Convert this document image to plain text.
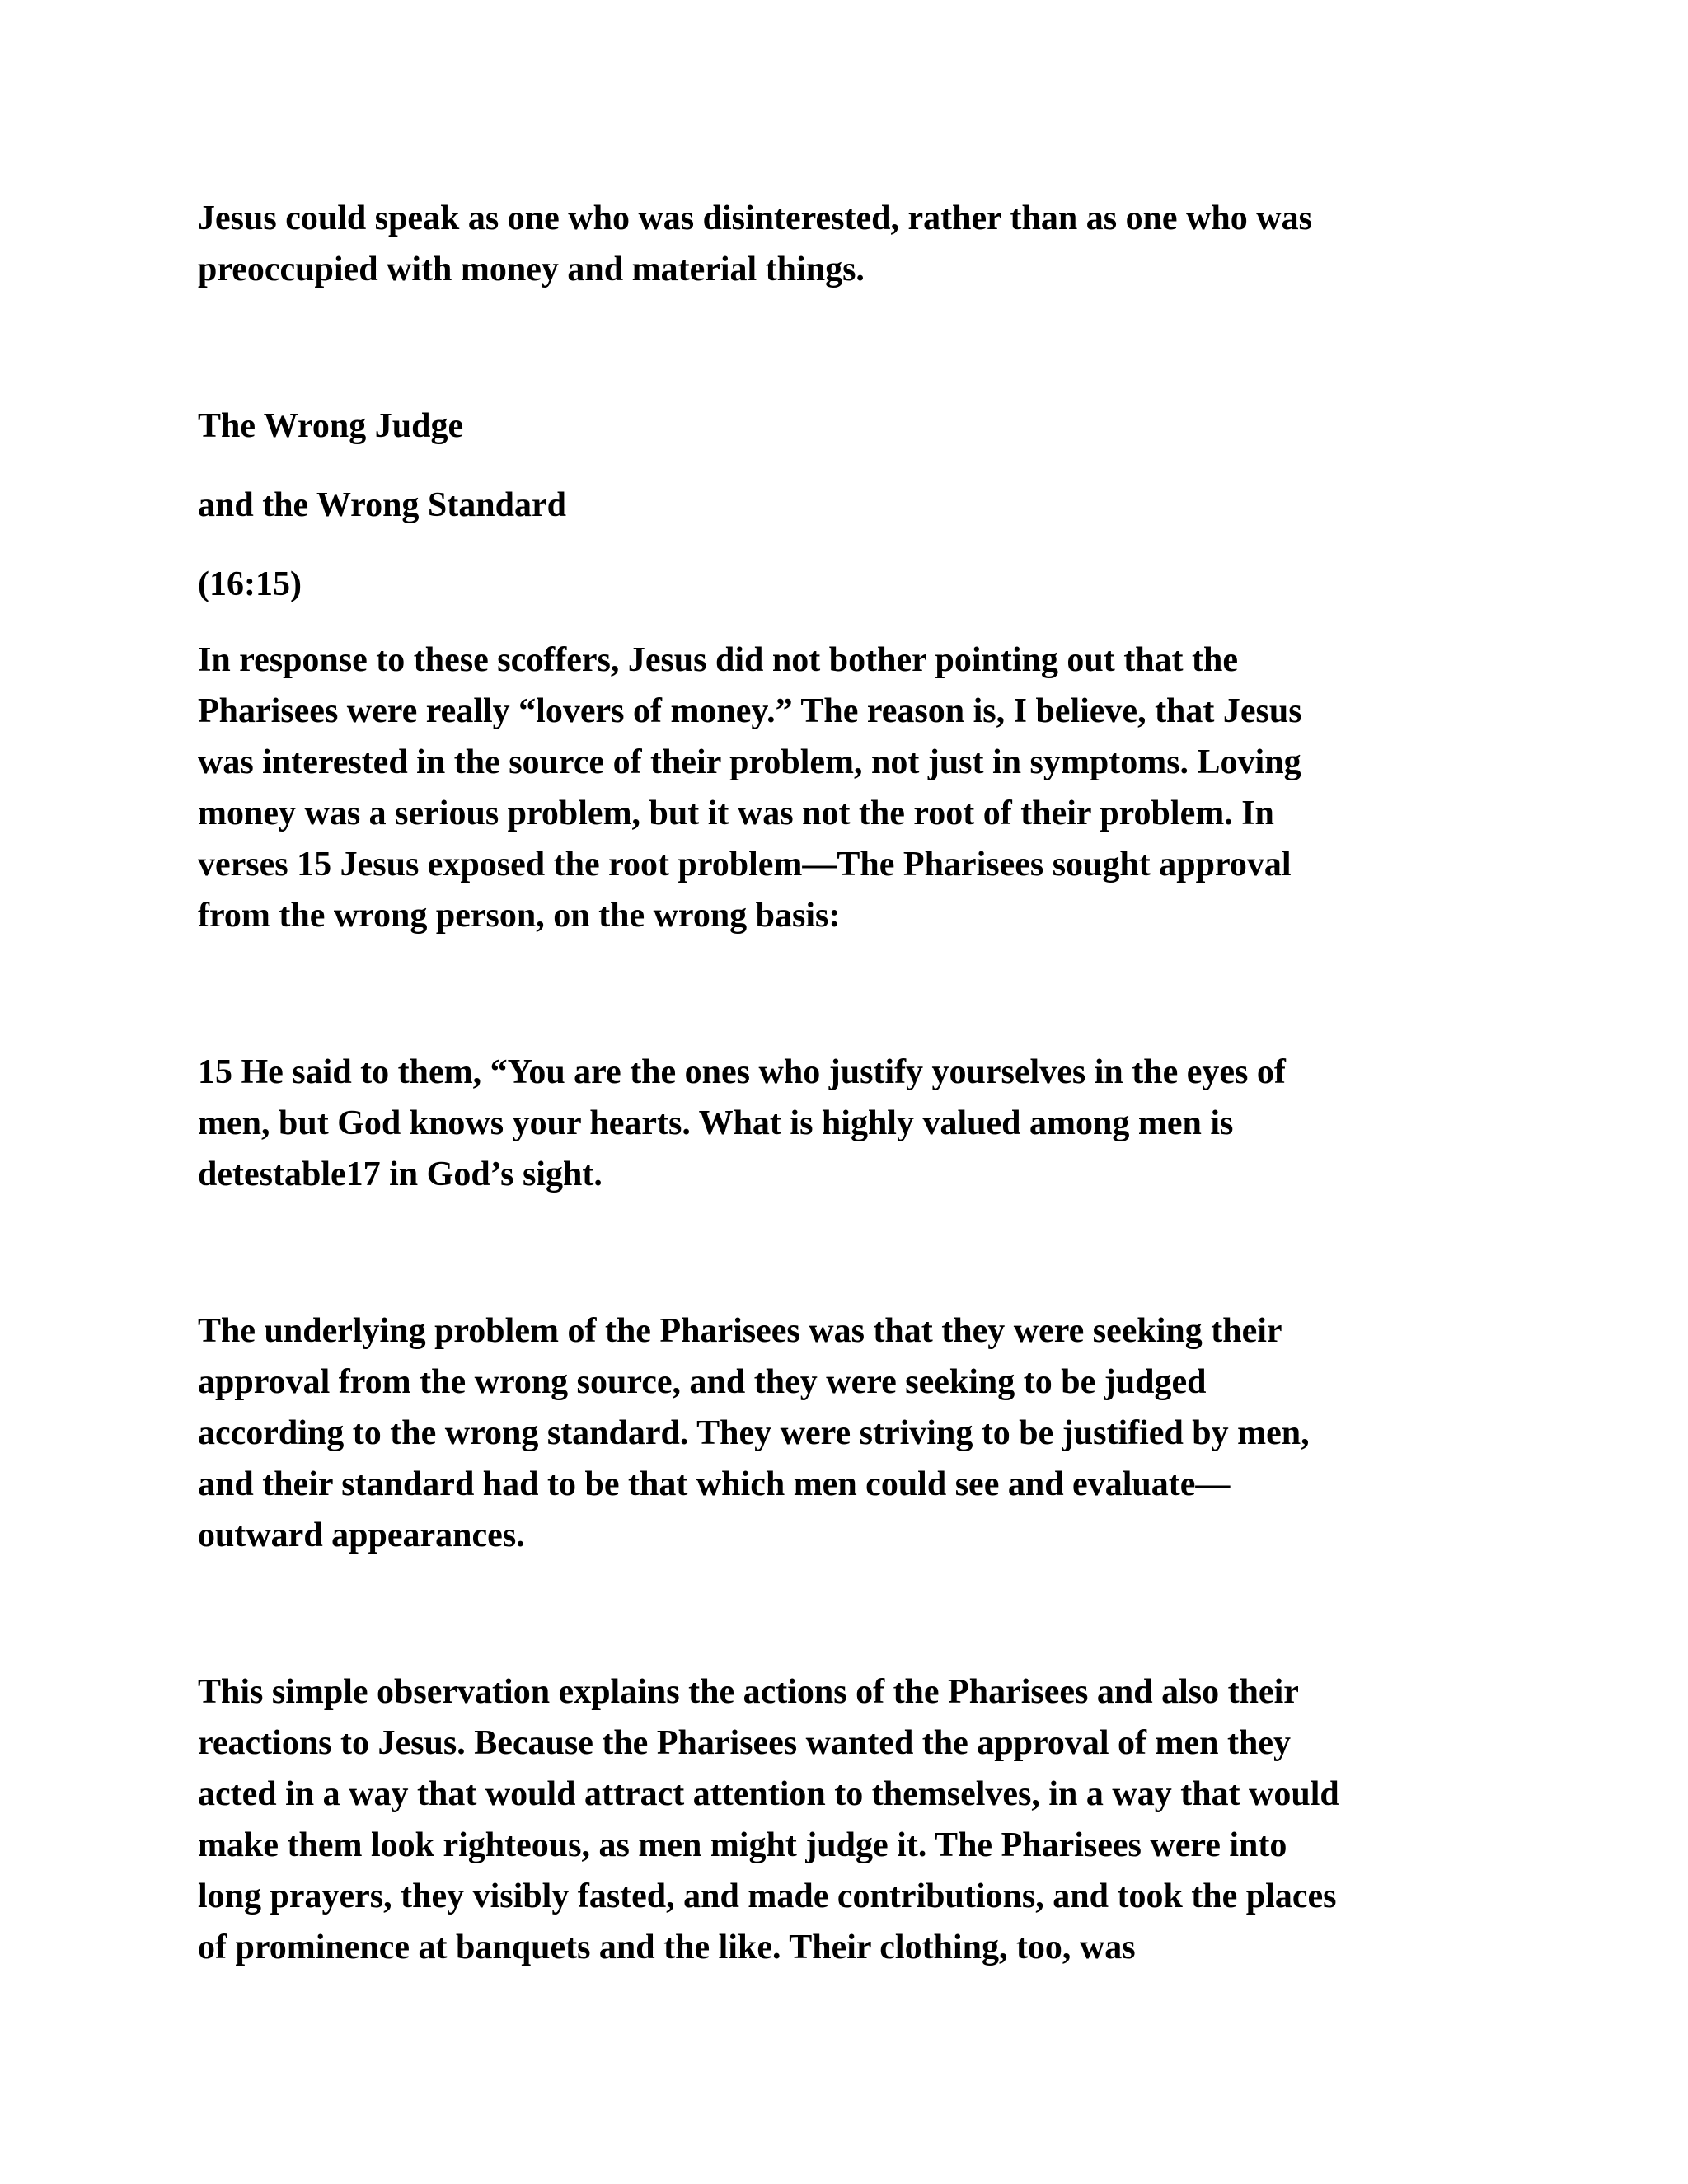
Jesus could speak as one who was disinterested, rather than as one who was

preoccupied with money and material things.

The Wrong Judge

and the Wrong Standard

(16:15)

In response to these scoffers, Jesus did not bother pointing out that the

Pharisees were really “lovers of money.” The reason is, I believe, that Jesus

was interested in the source of their problem, not just in symptoms. Loving

money was a serious problem, but it was not the root of their problem. In

verses 15 Jesus exposed the root problem—The Pharisees sought approval

from the wrong person, on the wrong basis:

15 He said to them, “You are the ones who justify yourselves in the eyes of

men, but God knows your hearts. What is highly valued among men is

detestable17 in God’s sight.

The underlying problem of the Pharisees was that they were seeking their

approval from the wrong source, and they were seeking to be judged

according to the wrong standard. They were striving to be justified by men,

and their standard had to be that which men could see and evaluate—

outward appearances.

This simple observation explains the actions of the Pharisees and also their

reactions to Jesus. Because the Pharisees wanted the approval of men they

acted in a way that would attract attention to themselves, in a way that would

make them look righteous, as men might judge it. The Pharisees were into

long prayers, they visibly fasted, and made contributions, and took the places

of prominence at banquets and the like. Their clothing, too, was
